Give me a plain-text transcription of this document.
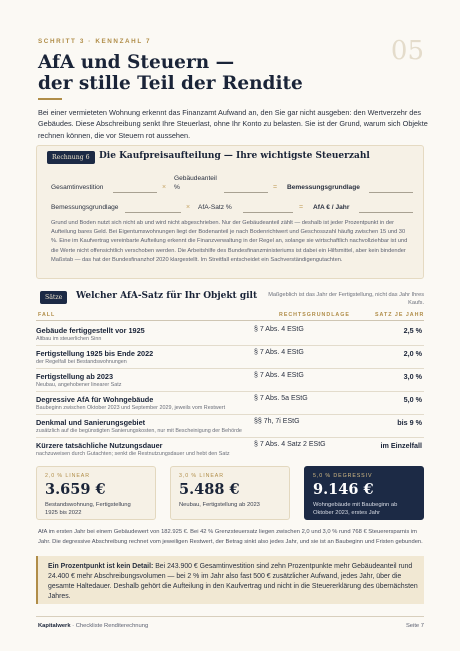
SCHRITT 3 · KENNZAHL 7	05
AfA und Steuern —
der stille Teil der Rendite

Bei einer vermieteten Wohnung erkennt das Finanzamt Aufwand an, den Sie gar nicht ausgeben: den Wertverzehr des Gebäudes. Diese Abschreibung senkt Ihre Steuerlast, ohne Ihr Konto zu belasten. Sie ist der Grund, warum sich Objekte rechnen können, die vor Steuern rot aussehen.

Rechnung 6	Die Kaufpreisaufteilung — Ihre wichtigste Steuerzahl
Gesamtinvestition	×
Gebäudeanteil
%	= Bemessungsgrundlage
Bemessungsgrundlage	× AfA-Satz %	= AfA € / Jahr

Grund und Boden nutzt sich nicht ab und wird nicht abgeschrieben. Nur der Gebäudeanteil zählt — deshalb ist jeder Prozentpunkt in der Aufteilung bares Geld. Bei Eigentumswohnungen liegt der Bodenanteil je nach Bodenrichtwert und Geschosszahl häufig zwischen 15 und 30 %. Eine im Kaufvertrag vereinbarte Aufteilung erkennt die Finanzverwaltung in der Regel an, solange sie wirtschaftlich nachvollziehbar ist und die Werte nicht offensichtlich verschoben werden. Die Arbeitshilfe des Bundesfinanzministeriums ist dabei ein Hilfsmittel, aber kein bindender Maßstab — das hat der Bundesfinanzhof 2020 klargestellt. Im Streitfall entscheidet ein Sachverständigengutachten.

Sätze	Welcher AfA-Satz für Ihr Objekt gilt Maßgeblich ist das Jahr der Fertigstellung, nicht das Jahr Ihres Kaufs.
FALL	RECHTSGRUNDLAGE	SATZ JE JAHR
Gebäude fertiggestellt vor 1925
Altbau im steuerlichen Sinn
§ 7 Abs. 4 EStG	2,5 %
Fertigstellung 1925 bis Ende 2022
der Regelfall bei Bestandswohnungen
§ 7 Abs. 4 EStG	2,0 %
Fertigstellung ab 2023
Neubau, angehobener linearer Satz
§ 7 Abs. 4 EStG	3,0 %
Degressive AfA für Wohngebäude
Baubeginn zwischen Oktober 2023 und September 2029, jeweils vom Restwert
§ 7 Abs. 5a EStG	5,0 %
Denkmal und Sanierungsgebiet
zusätzlich auf die begünstigten Sanierungskosten, nur mit Bescheinigung der Behörde
§§ 7h, 7i EStG	bis 9 %
Kürzere tatsächliche Nutzungsdauer
nachzuweisen durch Gutachten; senkt die Restnutzungsdauer und hebt den Satz
§ 7 Abs. 4 Satz 2 EStG	im Einzelfall
2,0 % LINEAR
3.659 €
Bestandswohnung, Fertigstellung 1925 bis 2022
3,0 % LINEAR
5.488 €
Neubau, Fertigstellung ab 2023
5,0 % DEGRESSIV
9.146 €
Wohngebäude mit Baubeginn ab Oktober 2023, erstes Jahr

AfA im ersten Jahr bei einem Gebäudewert von 182.925 €. Bei 42 % Grenzsteuersatz liegen zwischen 2,0 und 3,0 % rund 768 € Steuerersparnis im Jahr. Die degressive Abschreibung rechnet vom jeweiligen Restwert, der Betrag sinkt also jedes Jahr, und sie ist an Baubeginn und Fristen gebunden.

Ein Prozentpunkt ist kein Detail: Bei 243.900 € Gesamtinvestition sind zehn Prozentpunkte mehr Gebäudeanteil rund 24.400 € mehr Abschreibungsvolumen — bei 2 % im Jahr also fast 500 € zusätzlicher Aufwand, jedes Jahr, über die gesamte Haltedauer. Deshalb gehört die Aufteilung in den Kaufvertrag und nicht in die Steuererklärung des übernächsten Jahres.

Kapitalwerk · Checkliste Renditerechnung	Seite 7
